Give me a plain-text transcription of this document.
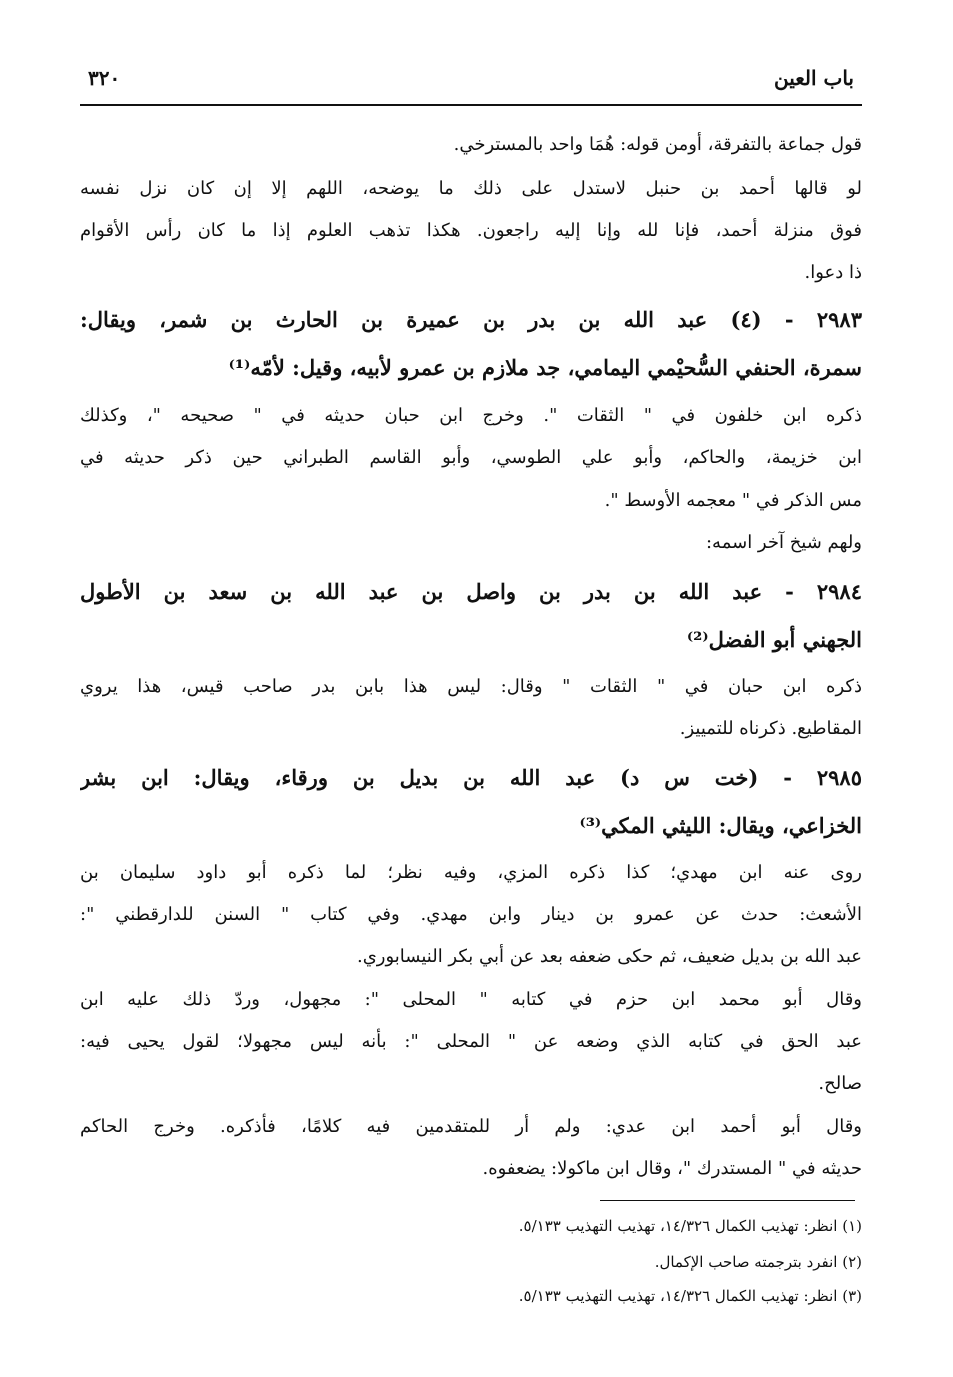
باب العين
٣٢٠
قول جماعة بالتفرقة، أومن قوله: هُمَا واحد بالمسترخي.
لو قالها أحمد بن حنبل لاستدل على ذلك ما يوضحه، اللهم إلا إن كان نزل نفسه
فوق منزلة أحمد، فإنا لله وإنا إليه راجعون. هكذا تذهب العلوم إذا ما كان رأس الأقوام
ذا دعوا.
٢٩٨٣ - (٤) عبد الله بن بدر بن عميرة بن الحارث بن شمر، ويقال:
سمرة، الحنفي السُّحيْمي اليمامي، جد ملازم بن عمرو لأبيه، وقيل: لأمّه⁽¹⁾
ذكره ابن خلفون في " الثقات ". وخرج ابن حبان حديثه في " صحيحه "، وكذلك
ابن خزيمة، والحاكم، وأبو علي الطوسي، وأبو القاسم الطبراني حين ذكر حديثه في
مس الذكر في " معجمه الأوسط ".
ولهم شيخ آخر اسمه:
٢٩٨٤ - عبد الله بن بدر بن واصل بن عبد الله بن سعد بن الأطول
الجهني أبو الفضل⁽²⁾
ذكره ابن حبان في " الثقات " وقال: ليس هذا بابن بدر صاحب قيس، هذا يروي
المقاطيع. ذكرناه للتمييز.
٢٩٨٥ - (خت س د) عبد الله بن بديل بن ورقاء، ويقال: ابن بشر
الخزاعي، ويقال: الليثي المكي⁽³⁾
روى عنه ابن مهدي؛ كذا ذكره المزي، وفيه نظر؛ لما ذكره أبو داود سليمان بن
الأشعث: حدث عن عمرو بن دينار وابن مهدي. وفي كتاب " السنن للدارقطني ":
عبد الله بن بديل ضعيف، ثم حكى ضعفه بعد عن أبي بكر النيسابوري.
وقال أبو محمد ابن حزم في كتابه " المحلى ": مجهول، وردّ ذلك عليه ابن
عبد الحق في كتابه الذي وضعه عن " المحلى ": بأنه ليس مجهولا؛ لقول يحيى فيه:
صالح.
وقال أبو أحمد ابن عدي: ولم أر للمتقدمين فيه كلامًا، فأذكره. وخرج الحاكم
حديثه في " المستدرك "، وقال ابن ماكولا: يضعفوه.
(١) انظر: تهذيب الكمال ١٤/٣٢٦، تهذيب التهذيب ٥/١٣٣.
(٢) انفرد بترجمته صاحب الإكمال.
(٣) انظر: تهذيب الكمال ١٤/٣٢٦، تهذيب التهذيب ٥/١٣٣.
